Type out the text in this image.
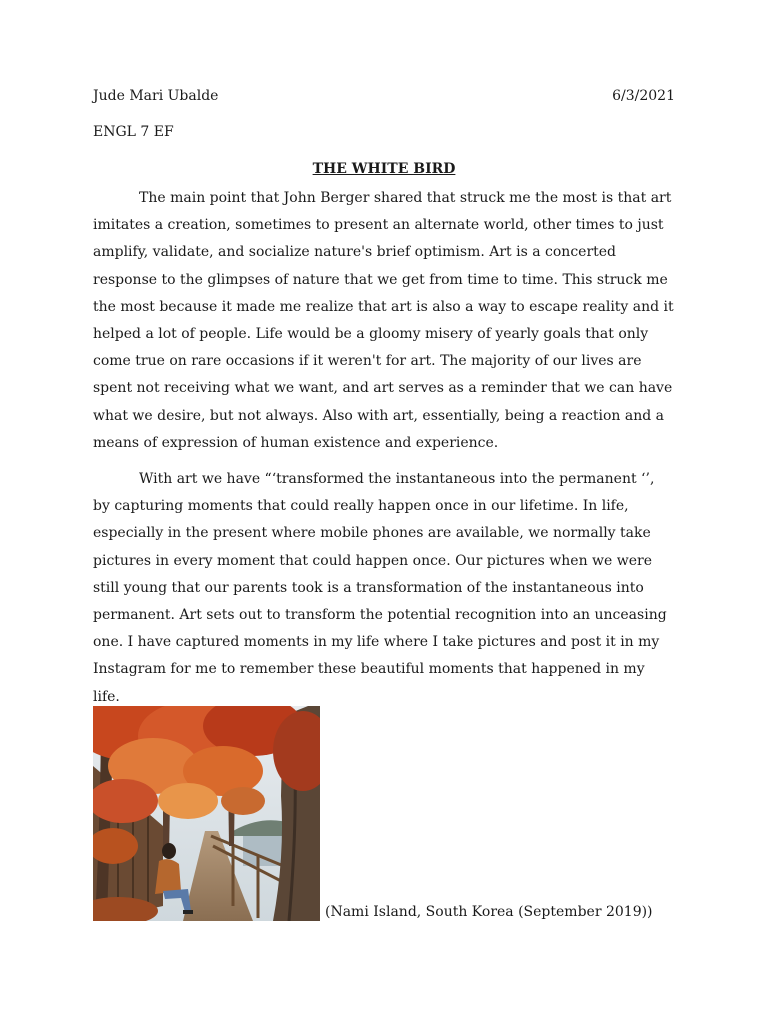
Jude Mari Ubalde	6/3/2021
ENGL 7 EF
THE WHITE BIRD

The main point that John Berger shared that struck me the most is that art imitates a creation, sometimes to present an alternate world, other times to just amplify, validate, and socialize nature's brief optimism. Art is a concerted response to the glimpses of nature that we get from time to time. This struck me the most because it made me realize that art is also a way to escape reality and it helped a lot of people. Life would be a gloomy misery of yearly goals that only come true on rare occasions if it weren't for art. The majority of our lives are spent not receiving what we want, and art serves as a reminder that we can have what we desire, but not always. Also with art, essentially, being a reaction and a means of expression of human existence and experience.

With art we have “‘transformed the instantaneous into the permanent ‘’, by capturing moments that could really happen once in our lifetime. In life, especially in the present where mobile phones are available, we normally take pictures in every moment that could happen once. Our pictures when we were still young that our parents took is a transformation of the instantaneous into permanent. Art sets out to transform the potential recognition into an unceasing one. I have captured moments in my life where I take pictures and post it in my Instagram for me to remember these beautiful moments that happened in my life.

(Nami Island, South Korea (September 2019))
